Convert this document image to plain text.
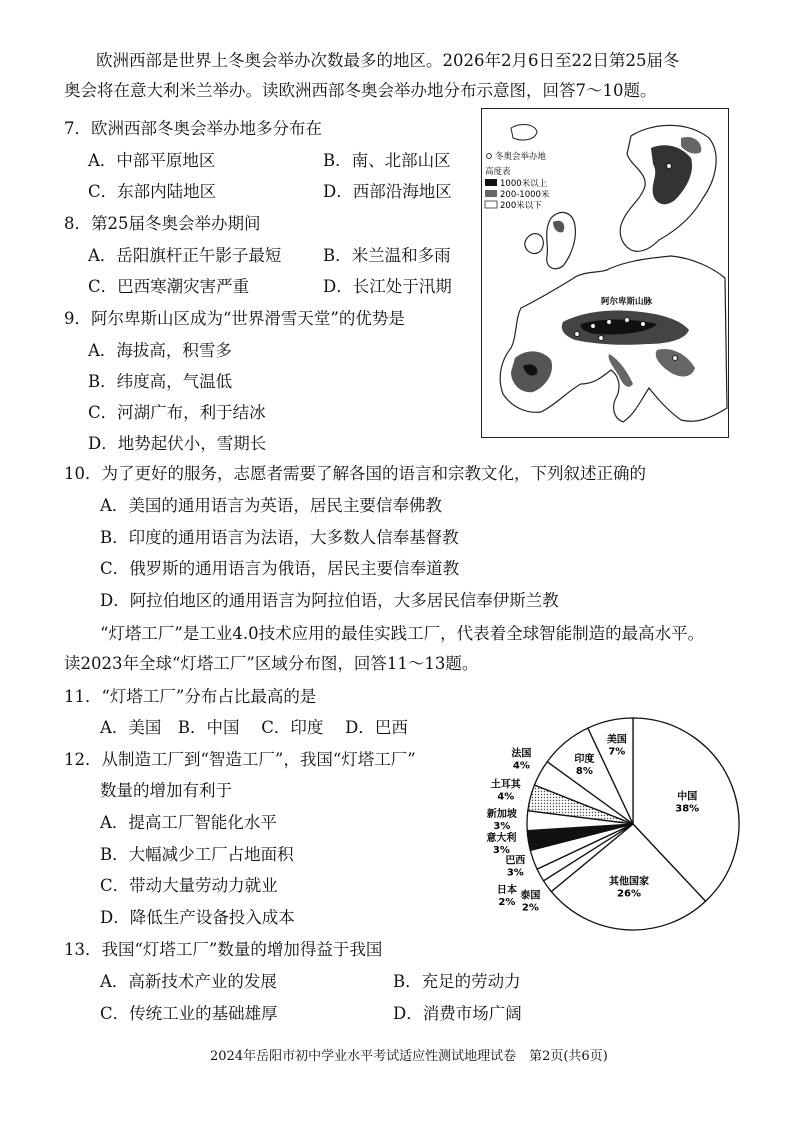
欧洲西部是世界上冬奥会举办次数最多的地区。2026年2月6日至22日第25届冬
奥会将在意大利米兰举办。读欧洲西部冬奥会举办地分布示意图，回答7～10题。
7．欧洲西部冬奥会举办地多分布在
A．中部平原地区	B．南、北部山区
C．东部内陆地区	D．西部沿海地区
8．第25届冬奥会举办期间
A．岳阳旗杆正午影子最短	B．米兰温和多雨
C．巴西寒潮灾害严重	D．长江处于汛期
9．阿尔卑斯山区成为“世界滑雪天堂”的优势是
A．海拔高，积雪多
B．纬度高，气温低
C．河湖广布，利于结冰
D．地势起伏小，雪期长
阿尔卑斯山脉
冬奥会举办地
高度表
1000米以上
200-1000米
200米以下
10．为了更好的服务，志愿者需要了解各国的语言和宗教文化，下列叙述正确的
A．美国的通用语言为英语，居民主要信奉佛教
B．印度的通用语言为法语，大多数人信奉基督教
C．俄罗斯的通用语言为俄语，居民主要信奉道教
D．阿拉伯地区的通用语言为阿拉伯语，大多居民信奉伊斯兰教
“灯塔工厂”是工业4.0技术应用的最佳实践工厂，代表着全球智能制造的最高水平。
读2023年全球“灯塔工厂”区域分布图，回答11～13题。
11．“灯塔工厂”分布占比最高的是
A．美国　B．中国　 C．印度　 D．巴西
12．从制造工厂到“智造工厂”，我国“灯塔工厂”
数量的增加有利于
A．提高工厂智能化水平
B．大幅减少工厂占地面积
C．带动大量劳动力就业
D．降低生产设备投入成本
中国
38%
其他国家
26%
泰国
2%
日本
2%
巴西
3%
意大利
3%
新加坡
3%
土耳其
4%
法国
4%
印度
8%
美国
7%
13．我国“灯塔工厂”数量的增加得益于我国
A．高新技术产业的发展	B．充足的劳动力
C．传统工业的基础雄厚	D．消费市场广阔
2024年岳阳市初中学业水平考试适应性测试地理试卷　第2页(共6页)
